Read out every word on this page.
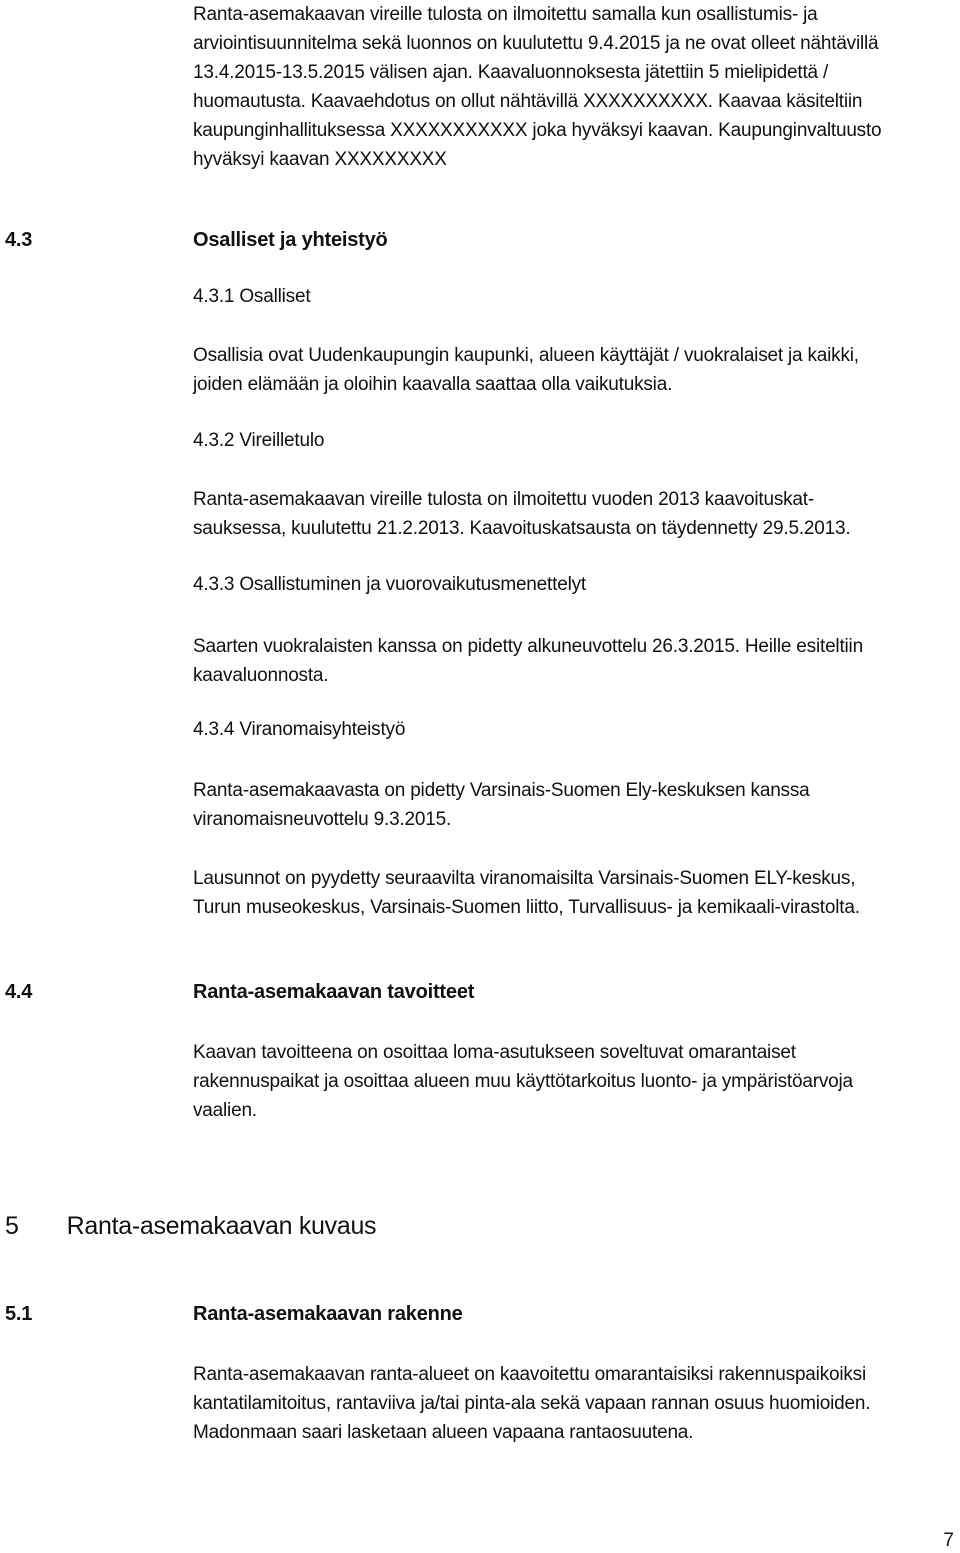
Ranta-asemakaavan vireille tulosta on ilmoitettu samalla kun osallistumis- ja
arviointisuunnitelma sekä luonnos on kuulutettu 9.4.2015 ja ne ovat olleet nähtävillä
13.4.2015-13.5.2015 välisen ajan. Kaavaluonnoksesta jätettiin 5 mielipidettä /
huomautusta. Kaavaehdotus on ollut nähtävillä XXXXXXXXXX. Kaavaa käsiteltiin
kaupunginhallituksessa XXXXXXXXXXX joka hyväksyi kaavan. Kaupunginvaltuusto
hyväksyi kaavan XXXXXXXXX

4.3	Osalliset ja yhteistyö

4.3.1 Osalliset

Osallisia ovat Uudenkaupungin kaupunki, alueen käyttäjät / vuokralaiset ja kaikki,
joiden elämään ja oloihin kaavalla saattaa olla vaikutuksia.

4.3.2 Vireilletulo

Ranta-asemakaavan vireille tulosta on ilmoitettu vuoden 2013 kaavoituskat-
sauksessa, kuulutettu 21.2.2013. Kaavoituskatsausta on täydennetty 29.5.2013.

4.3.3 Osallistuminen ja vuorovaikutusmenettelyt

Saarten vuokralaisten kanssa on pidetty alkuneuvottelu 26.3.2015. Heille esiteltiin
kaavaluonnosta.

4.3.4 Viranomaisyhteistyö

Ranta-asemakaavasta on pidetty Varsinais-Suomen Ely-keskuksen kanssa
viranomaisneuvottelu 9.3.2015.

Lausunnot on pyydetty seuraavilta viranomaisilta Varsinais-Suomen ELY-keskus,
Turun museokeskus, Varsinais-Suomen liitto, Turvallisuus- ja kemikaali-virastolta.

4.4	Ranta-asemakaavan tavoitteet

Kaavan tavoitteena on osoittaa loma-asutukseen soveltuvat omarantaiset
rakennuspaikat ja osoittaa alueen muu käyttötarkoitus luonto- ja ympäristöarvoja
vaalien.

5 Ranta-asemakaavan kuvaus
5.1	Ranta-asemakaavan rakenne

Ranta-asemakaavan ranta-alueet on kaavoitettu omarantaisiksi rakennuspaikoiksi
kantatilamitoitus, rantaviiva ja/tai pinta-ala sekä vapaan rannan osuus huomioiden.
Madonmaan saari lasketaan alueen vapaana rantaosuutena.

7
